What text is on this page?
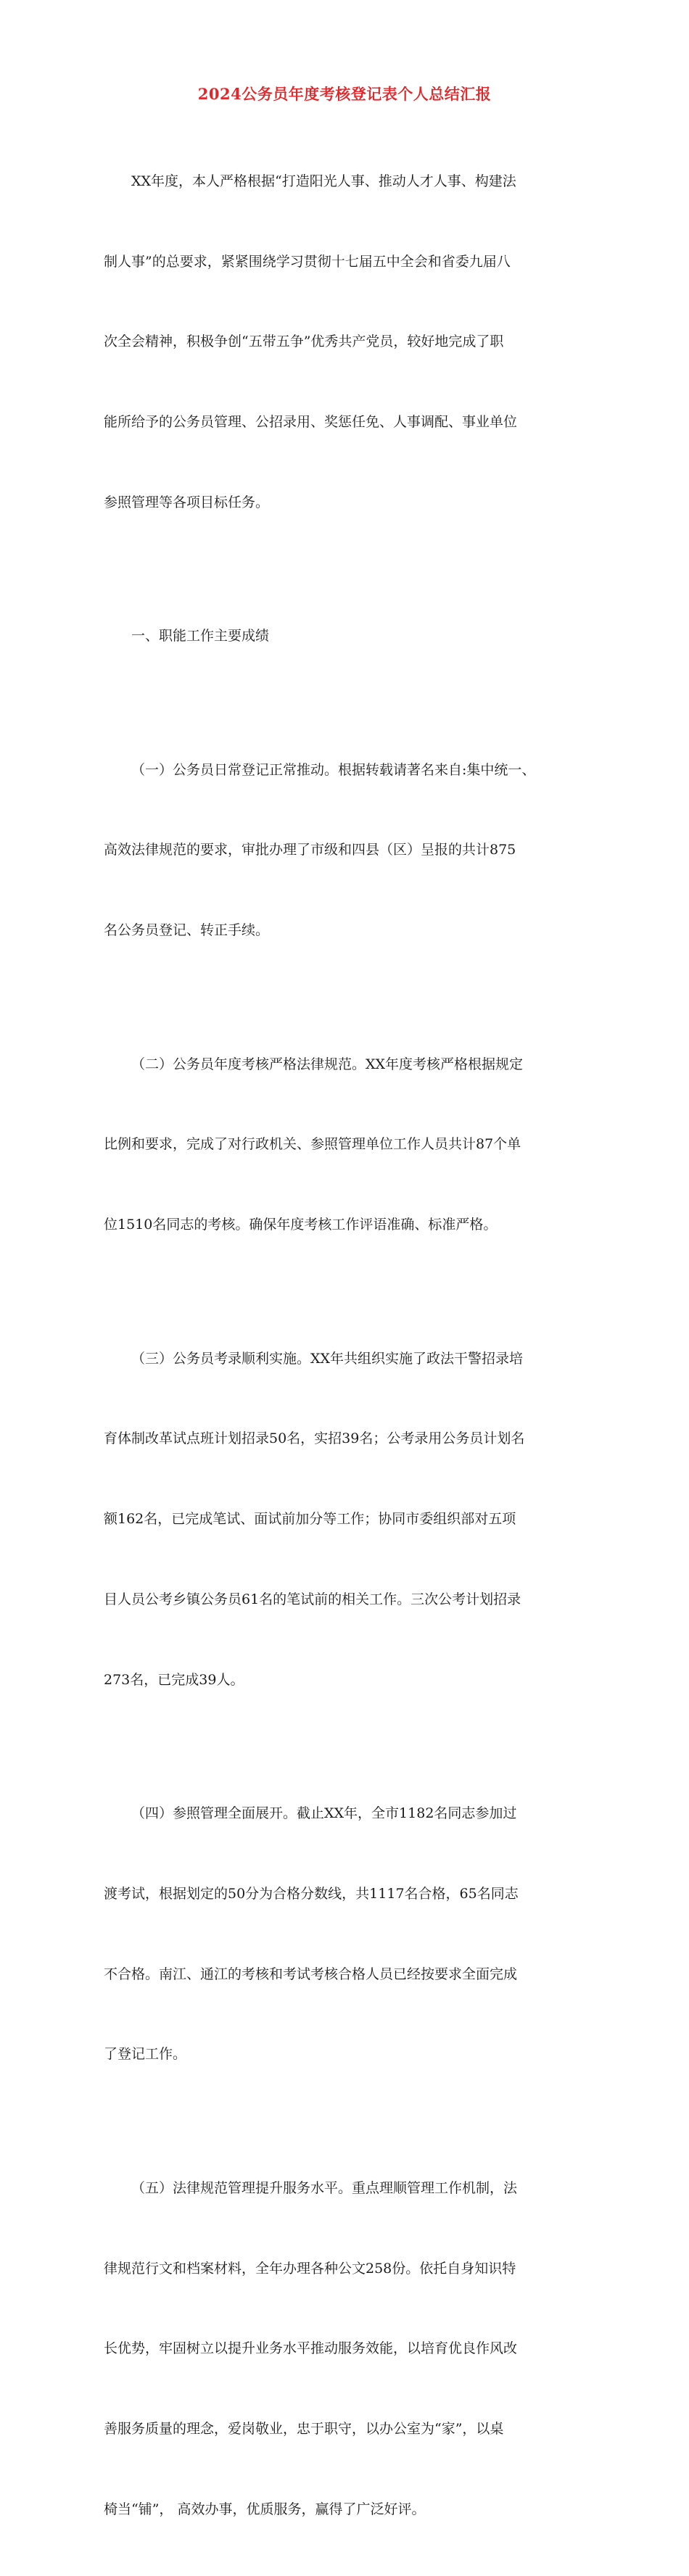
2024公务员年度考核登记表个人总结汇报

XX年度，本人严格根据“打造阳光人事、推动人才人事、构建法

制人事”的总要求，紧紧围绕学习贯彻十七届五中全会和省委九届八

次全会精神，积极争创“五带五争”优秀共产党员，较好地完成了职

能所给予的公务员管理、公招录用、奖惩任免、人事调配、事业单位

参照管理等各项目标任务。

一、职能工作主要成绩

（一）公务员日常登记正常推动。根据转载请著名来自:集中统一、

高效法律规范的要求，审批办理了市级和四县（区）呈报的共计875

名公务员登记、转正手续。

（二）公务员年度考核严格法律规范。XX年度考核严格根据规定

比例和要求，完成了对行政机关、参照管理单位工作人员共计87个单

位1510名同志的考核。确保年度考核工作评语准确、标准严格。

（三）公务员考录顺利实施。XX年共组织实施了政法干警招录培

育体制改革试点班计划招录50名，实招39名；公考录用公务员计划名

额162名，已完成笔试、面试前加分等工作；协同市委组织部对五项

目人员公考乡镇公务员61名的笔试前的相关工作。三次公考计划招录

273名，已完成39人。

（四）参照管理全面展开。截止XX年，全市1182名同志参加过

渡考试，根据划定的50分为合格分数线，共1117名合格，65名同志

不合格。南江、通江的考核和考试考核合格人员已经按要求全面完成

了登记工作。

（五）法律规范管理提升服务水平。重点理顺管理工作机制，法

律规范行文和档案材料，全年办理各种公文258份。依托自身知识特

长优势，牢固树立以提升业务水平推动服务效能，以培育优良作风改

善服务质量的理念，爱岗敬业，忠于职守，以办公室为“家”，以桌

椅当“铺”， 高效办事，优质服务，赢得了广泛好评。
